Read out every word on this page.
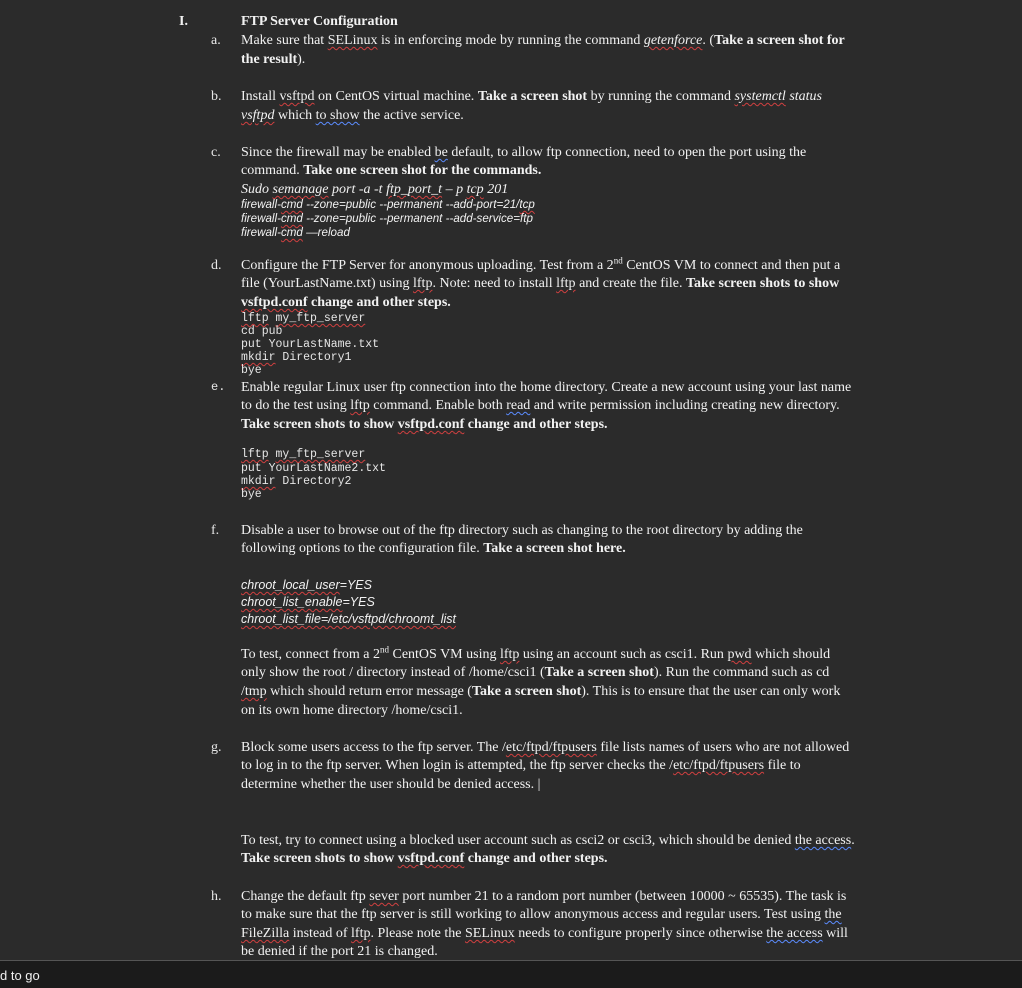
I.	FTP Server Configuration
a. Make sure that SELinux is in enforcing mode by running the command getenforce. (Take a screen shot for
the result).
b. Install vsftpd on CentOS virtual machine. Take a screen shot by running the command systemctl status
vsftpd which to show the active service.
c. Since the firewall may be enabled be default, to allow ftp connection, need to open the port using the
command. Take one screen shot for the commands.
Sudo semanage port -a -t ftp_port_t – p tcp 201
firewall-cmd --zone=public --permanent --add-port=21/tcp
firewall-cmd --zone=public --permanent --add-service=ftp
firewall-cmd —reload
d. Configure the FTP Server for anonymous uploading. Test from a 2nd CentOS VM to connect and then put a
file (YourLastName.txt) using lftp. Note: need to install lftp and create the file. Take screen shots to show
vsftpd.conf change and other steps.
lftp my_ftp_server
cd pub
put YourLastName.txt
mkdir Directory1
bye
e. Enable regular Linux user ftp connection into the home directory. Create a new account using your last name
to do the test using lftp command. Enable both read and write permission including creating new directory.
Take screen shots to show vsftpd.conf change and other steps.
lftp my_ftp_server
put YourLastName2.txt
mkdir Directory2
bye
f. Disable a user to browse out of the ftp directory such as changing to the root directory by adding the
following options to the configuration file. Take a screen shot here.
chroot_local_user=YES
chroot_list_enable=YES
chroot_list_file=/etc/vsftpd/chroomt_list
To test, connect from a 2nd CentOS VM using lftp using an account such as csci1. Run pwd which should
only show the root / directory instead of /home/csci1 (Take a screen shot). Run the command such as cd
/tmp which should return error message (Take a screen shot). This is to ensure that the user can only work
on its own home directory /home/csci1.
g. Block some users access to the ftp server. The /etc/ftpd/ftpusers file lists names of users who are not allowed
to log in to the ftp server. When login is attempted, the ftp server checks the /etc/ftpd/ftpusers file to
determine whether the user should be denied access. |
To test, try to connect using a blocked user account such as csci2 or csci3, which should be denied the access.
Take screen shots to show vsftpd.conf change and other steps.
h. Change the default ftp sever port number 21 to a random port number (between 10000 ~ 65535). The task is
to make sure that the ftp server is still working to allow anonymous access and regular users. Test using the
FileZilla instead of lftp. Please note the SELinux needs to configure properly since otherwise the access will
be denied if the port 21 is changed.
d to go
